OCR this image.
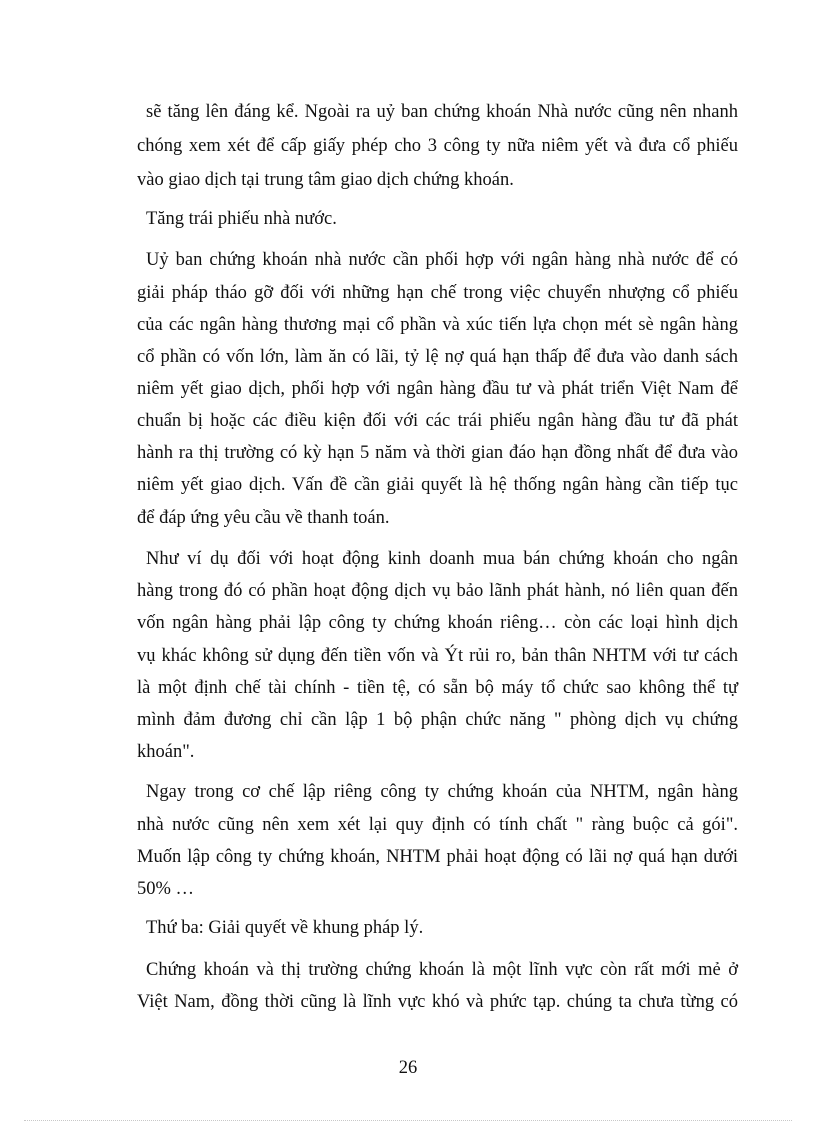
sẽ tăng lên đáng kể. Ngoài ra uỷ ban chứng khoán Nhà nước cũng nên nhanh
chóng xem xét để cấp giấy phép cho 3 công ty nữa niêm yết và đưa cổ phiếu
vào giao dịch tại trung tâm giao dịch chứng khoán.
Tăng trái phiếu nhà nước.
Uỷ ban chứng khoán nhà nước cần phối hợp với ngân hàng nhà nước để có
giải pháp tháo gỡ đối với những hạn chế trong việc chuyển nhượng cổ phiếu
của các ngân hàng thương mại cổ phần và xúc tiến lựa chọn mét sè ngân hàng
cổ phần có vốn lớn, làm ăn có lãi, tỷ lệ nợ quá hạn thấp để đưa vào danh sách
niêm yết giao dịch, phối hợp với ngân hàng đầu tư và phát triển Việt Nam để
chuẩn bị hoặc các điều kiện đối với các trái phiếu ngân hàng đầu tư đã phát
hành ra thị trường có kỳ hạn 5 năm và thời gian đáo hạn đồng nhất để đưa vào
niêm yết giao dịch. Vấn đề cần giải quyết là hệ thống ngân hàng cần tiếp tục
để đáp ứng yêu cầu về thanh toán.
Như ví dụ đối với hoạt động kinh doanh mua bán chứng khoán cho ngân
hàng trong đó có phần hoạt động dịch vụ bảo lãnh phát hành, nó liên quan đến
vốn ngân hàng phải lập công ty chứng khoán riêng… còn các loại hình dịch
vụ khác không sử dụng đến tiền vốn và Ýt rủi ro, bản thân NHTM với tư cách
là một định chế tài chính - tiền tệ, có sẵn bộ máy tổ chức sao không thể tự
mình đảm đương chỉ cần lập 1 bộ phận chức năng " phòng dịch vụ chứng
khoán".
Ngay trong cơ chế lập riêng công ty chứng khoán của NHTM, ngân hàng
nhà nước cũng nên xem xét lại quy định có tính chất " ràng buộc cả gói".
Muốn lập công ty chứng khoán, NHTM phải hoạt động có lãi nợ quá hạn dưới
50% …
Thứ ba: Giải quyết về khung pháp lý.
Chứng khoán và thị trường chứng khoán là một lĩnh vực còn rất mới mẻ ở
Việt Nam, đồng thời cũng là lĩnh vực khó và phức tạp. chúng ta chưa từng có
26
